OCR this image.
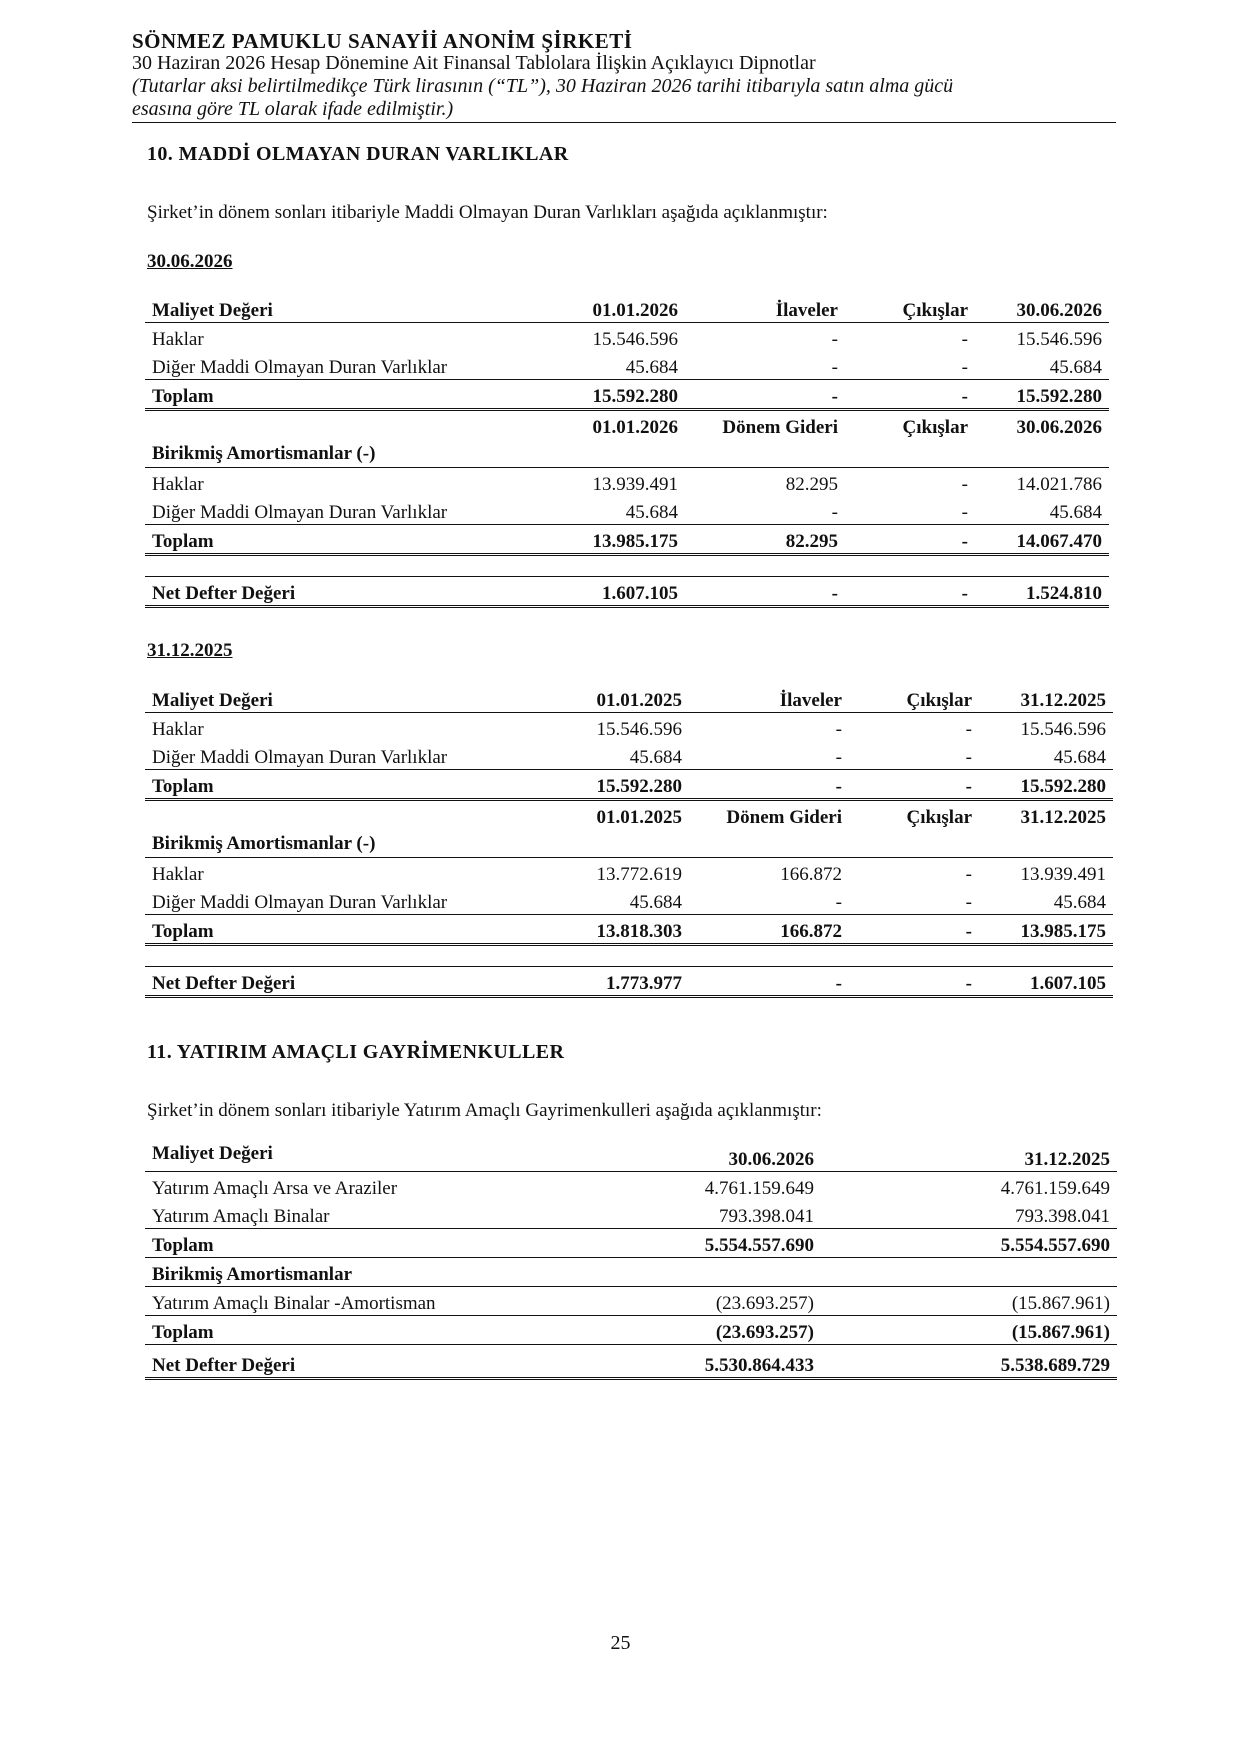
SÖNMEZ PAMUKLU SANAYİİ ANONİM ŞİRKETİ
30 Haziran 2026 Hesap Dönemine Ait Finansal Tablolara İlişkin Açıklayıcı Dipnotlar
(Tutarlar aksi belirtilmedikçe Türk lirasının (“TL”), 30 Haziran 2026 tarihi itibarıyla satın alma gücü
esasına göre TL olarak ifade edilmiştir.)
10. MADDİ OLMAYAN DURAN VARLIKLAR
Şirket’in dönem sonları itibariyle Maddi Olmayan Duran Varlıkları aşağıda açıklanmıştır:
30.06.2026
Maliyet Değeri	01.01.2026	İlaveler	Çıkışlar	30.06.2026
Haklar	15.546.596	-	-	15.546.596
Diğer Maddi Olmayan Duran Varlıklar	45.684	-	-	45.684
Toplam	15.592.280	-	-	15.592.280
Birikmiş Amortismanlar (-)	01.01.2026	Dönem Gideri	Çıkışlar	30.06.2026
Haklar	13.939.491	82.295	-	14.021.786
Diğer Maddi Olmayan Duran Varlıklar	45.684	-	-	45.684
Toplam	13.985.175	82.295	-	14.067.470

Net Defter Değeri	1.607.105	-	-	1.524.810
31.12.2025
Maliyet Değeri	01.01.2025	İlaveler	Çıkışlar	31.12.2025
Haklar	15.546.596	-	-	15.546.596
Diğer Maddi Olmayan Duran Varlıklar	45.684	-	-	45.684
Toplam	15.592.280	-	-	15.592.280
Birikmiş Amortismanlar (-)	01.01.2025	Dönem Gideri	Çıkışlar	31.12.2025
Haklar	13.772.619	166.872	-	13.939.491
Diğer Maddi Olmayan Duran Varlıklar	45.684	-	-	45.684
Toplam	13.818.303	166.872	-	13.985.175

Net Defter Değeri	1.773.977	-	-	1.607.105
11. YATIRIM AMAÇLI GAYRİMENKULLER
Şirket’in dönem sonları itibariyle Yatırım Amaçlı Gayrimenkulleri aşağıda açıklanmıştır:
Maliyet Değeri	30.06.2026	31.12.2025
Yatırım Amaçlı Arsa ve Araziler	4.761.159.649	4.761.159.649
Yatırım Amaçlı Binalar	793.398.041	793.398.041
Toplam	5.554.557.690	5.554.557.690
Birikmiş Amortismanlar		
Yatırım Amaçlı Binalar -Amortisman	(23.693.257)	(15.867.961)
Toplam	(23.693.257)	(15.867.961)
Net Defter Değeri	5.530.864.433	5.538.689.729
25
